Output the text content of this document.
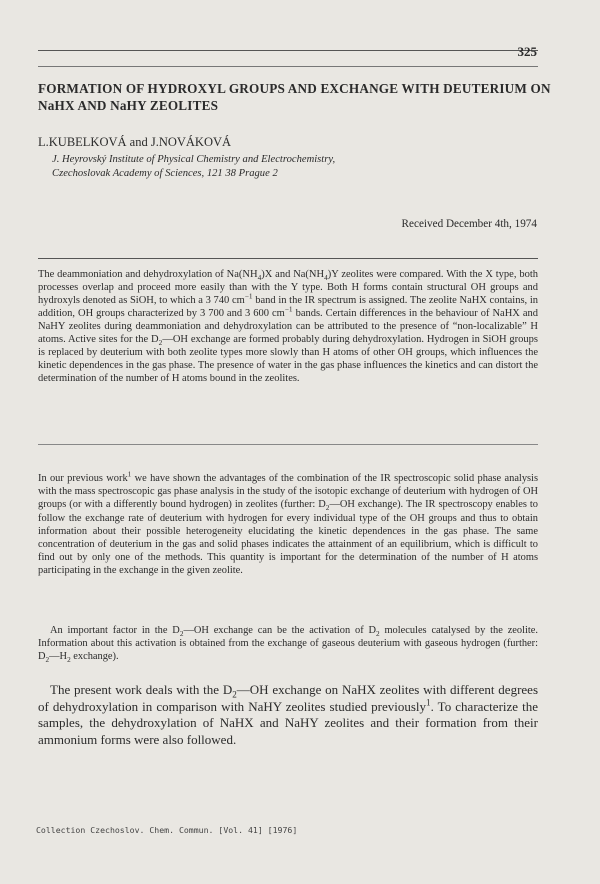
325
FORMATION OF HYDROXYL GROUPS AND EXCHANGE WITH DEUTERIUM ON NaHX AND NaHY ZEOLITES
L.KUBELKOVÁ and J.NOVÁKOVÁ
J. Heyrovský Institute of Physical Chemistry and Electrochemistry,
Czechoslovak Academy of Sciences, 121 38 Prague 2
Received December 4th, 1974

The deammoniation and dehydroxylation of $Na(NH_4)X$ and $Na(NH_4)Y$ zeolites were compared. With the X type, both processes overlap and proceed more easily than with the Y type. Both H forms contain structural OH groups and hydroxyls denoted as SiOH, to which a 3 740 $cm^{-1}$ band in the IR spectrum is assigned. The zeolite NaHX contains, in addition, OH groups characterized by 3 700 and 3 600 $cm^{-1}$ bands. Certain differences in the behaviour of NaHX and NaHY zeolites during deammoniation and dehydroxylation can be attributed to the presence of “non-localizable” H atoms. Active sites for the $D_2—OH$ exchange are formed probably during dehydroxylation. Hydrogen in SiOH groups is replaced by deuterium with both zeolite types more slowly than H atoms of other OH groups, which influences the kinetic dependences in the gas phase. The presence of water in the gas phase influences the kinetics and can distort the determination of the number of H atoms bound in the zeolites.

In our previous work$^1$ we have shown the advantages of the combination of the IR spectroscopic solid phase analysis with the mass spectroscopic gas phase analysis in the study of the isotopic exchange of deuterium with hydrogen of OH groups (or with a differently bound hydrogen) in zeolites (further: $D_2—OH$ exchange). The IR spectroscopy enables to follow the exchange rate of deuterium with hydrogen for every individual type of the OH groups and thus to obtain information about their possible heterogeneity elucidating the kinetic dependences in the gas phase. The same concentration of deuterium in the gas and solid phases indicates the attainment of an equilibrium, which is difficult to find out by only one of the methods. This quantity is important for the determination of the number of H atoms participating in the exchange in the given zeolite.

An important factor in the $D_2—OH$ exchange can be the activation of $D_2$ molecules catalysed by the zeolite. Information about this activation is obtained from the exchange of gaseous deuterium with gaseous hydrogen (further: $D_2—H_2$ exchange).

The present work deals with the $D_2—OH$ exchange on NaHX zeolites with different degrees of dehydroxylation in comparison with NaHY zeolites studied previously$^1$. To characterize the samples, the dehydroxylation of NaHX and NaHY zeolites and their formation from their ammonium forms were also followed.

Collection Czechoslov. Chem. Commun. [Vol. 41] [1976]
